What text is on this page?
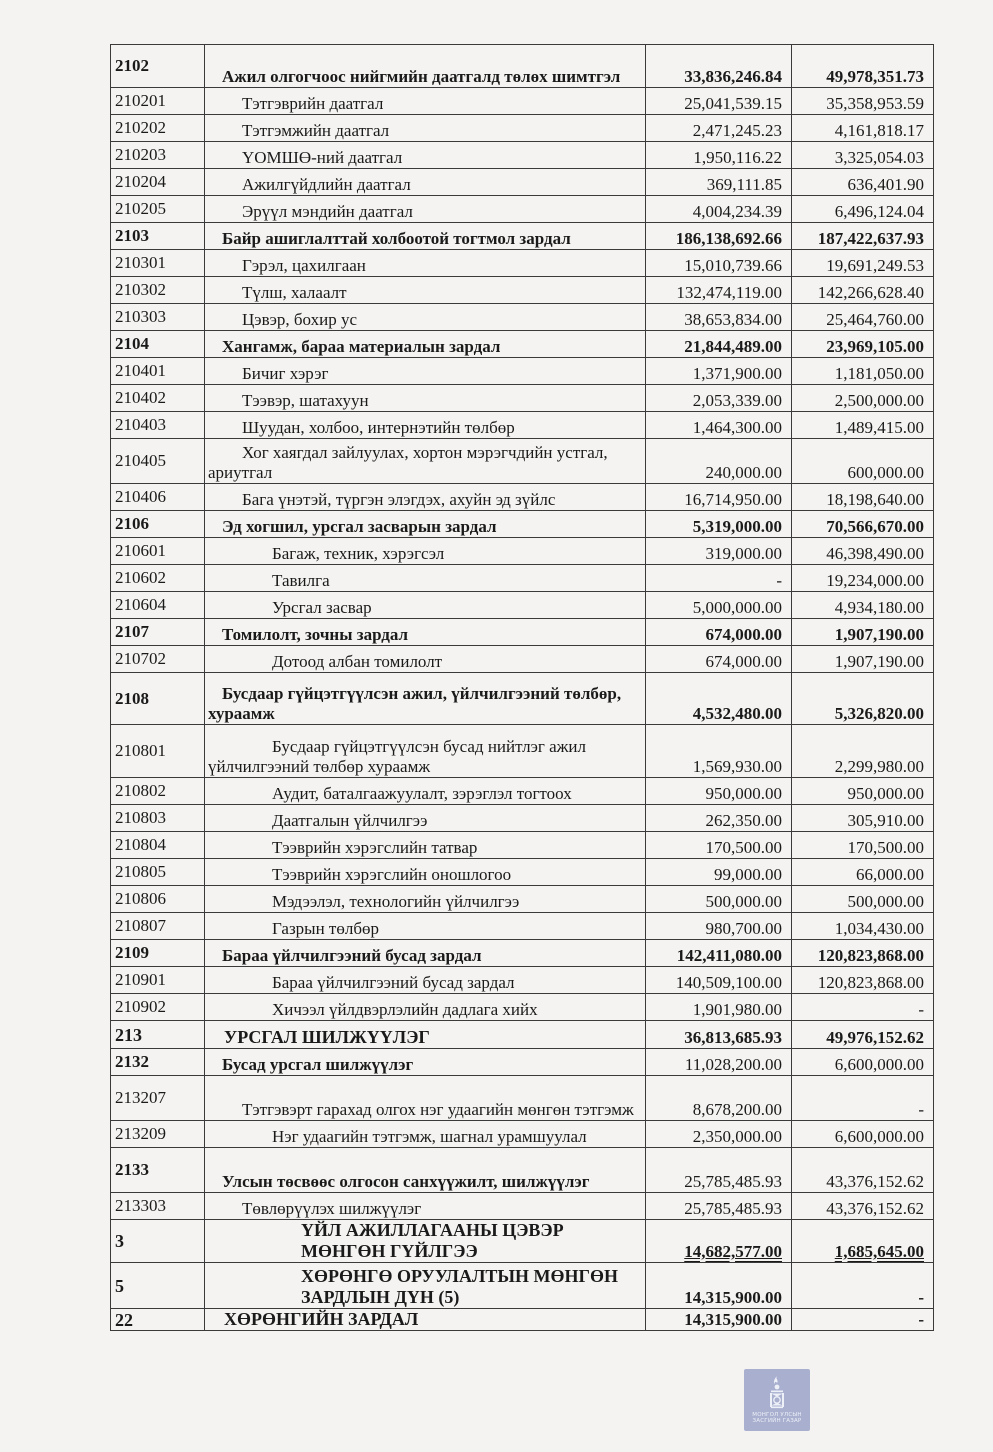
2102	Ажил олгогчоос нийгмийн даатгалд төлөх шимтгэл	33,836,246.84	49,978,351.73
210201	Тэтгэврийн даатгал	25,041,539.15	35,358,953.59
210202	Тэтгэмжийн даатгал	2,471,245.23	4,161,818.17
210203	ҮОМШӨ-ний даатгал	1,950,116.22	3,325,054.03
210204	Ажилгүйдлийн даатгал	369,111.85	636,401.90
210205	Эрүүл мэндийн даатгал	4,004,234.39	6,496,124.04
2103	Байр ашиглалттай холбоотой тогтмол зардал	186,138,692.66	187,422,637.93
210301	Гэрэл, цахилгаан	15,010,739.66	19,691,249.53
210302	Түлш, халаалт	132,474,119.00	142,266,628.40
210303	Цэвэр, бохир ус	38,653,834.00	25,464,760.00
2104	Хангамж, бараа материалын зардал	21,844,489.00	23,969,105.00
210401	Бичиг хэрэг	1,371,900.00	1,181,050.00
210402	Тээвэр, шатахуун	2,053,339.00	2,500,000.00
210403	Шуудан, холбоо, интернэтийн төлбөр	1,464,300.00	1,489,415.00
210405	Хог хаягдал зайлуулах, хортон мэрэгчдийн устгал, ариутгал	240,000.00	600,000.00
210406	Бага үнэтэй, түргэн элэгдэх, ахуйн эд зүйлс	16,714,950.00	18,198,640.00
2106	Эд хогшил, урсгал засварын зардал	5,319,000.00	70,566,670.00
210601	Багаж, техник, хэрэгсэл	319,000.00	46,398,490.00
210602	Тавилга	-	19,234,000.00
210604	Урсгал засвар	5,000,000.00	4,934,180.00
2107	Томилолт, зочны зардал	674,000.00	1,907,190.00
210702	Дотоод албан томилолт	674,000.00	1,907,190.00
2108	Бусдаар гүйцэтгүүлсэн ажил, үйлчилгээний төлбөр, хураамж	4,532,480.00	5,326,820.00
210801	Бусдаар гүйцэтгүүлсэн бусад нийтлэг ажил үйлчилгээний төлбөр хураамж	1,569,930.00	2,299,980.00
210802	Аудит, баталгаажуулалт, зэрэглэл тогтоох	950,000.00	950,000.00
210803	Даатгалын үйлчилгээ	262,350.00	305,910.00
210804	Тээврийн хэрэгслийн татвар	170,500.00	170,500.00
210805	Тээврийн хэрэгслийн оношлогоо	99,000.00	66,000.00
210806	Мэдээлэл, технологийн үйлчилгээ	500,000.00	500,000.00
210807	Газрын төлбөр	980,700.00	1,034,430.00
2109	Бараа үйлчилгээний бусад зардал	142,411,080.00	120,823,868.00
210901	Бараа үйлчилгээний бусад зардал	140,509,100.00	120,823,868.00
210902	Хичээл үйлдвэрлэлийн дадлага хийх	1,901,980.00	-
213	УРСГАЛ ШИЛЖҮҮЛЭГ	36,813,685.93	49,976,152.62
2132	Бусад урсгал шилжүүлэг	11,028,200.00	6,600,000.00
213207	Тэтгэвэрт гарахад олгох нэг удаагийн мөнгөн тэтгэмж	8,678,200.00	-
213209	Нэг удаагийн тэтгэмж, шагнал урамшуулал	2,350,000.00	6,600,000.00
2133	Улсын төсвөөс олгосон санхүүжилт, шилжүүлэг	25,785,485.93	43,376,152.62
213303	Төвлөрүүлэх шилжүүлэг	25,785,485.93	43,376,152.62
3	ҮЙЛ АЖИЛЛАГААНЫ ЦЭВЭР МӨНГӨН ГҮЙЛГЭЭ	14,682,577.00	1,685,645.00
5	ХӨРӨНГӨ ОРУУЛАЛТЫН МӨНГӨН ЗАРДЛЫН ДҮН (5)	14,315,900.00	-
22	ХӨРӨНГИЙН ЗАРДАЛ	14,315,900.00	-
МОНГОЛ УЛСЫН
ЗАСГИЙН ГАЗАР
